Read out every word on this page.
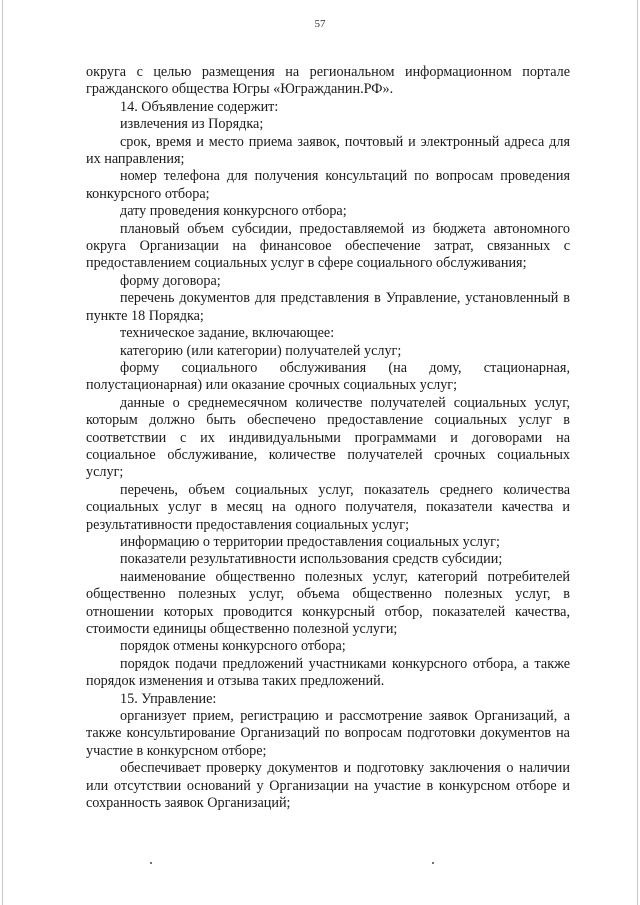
57

округа с целью размещения на региональном информационном портале гражданского общества Югры «Югражданин.РФ».

14. Объявление содержит:

извлечения из Порядка;

срок, время и место приема заявок, почтовый и электронный адреса для их направления;

номер телефона для получения консультаций по вопросам проведения конкурсного отбора;

дату проведения конкурсного отбора;

плановый объем субсидии, предоставляемой из бюджета автономного округа Организации на финансовое обеспечение затрат, связанных с предоставлением социальных услуг в сфере социального обслуживания;

форму договора;

перечень документов для представления в Управление, установленный в пункте 18 Порядка;

техническое задание, включающее:

категорию (или категории) получателей услуг;

форму социального обслуживания (на дому, стационарная, полустационарная) или оказание срочных социальных услуг;

данные о среднемесячном количестве получателей социальных услуг, которым должно быть обеспечено предоставление социальных услуг в соответствии с их индивидуальными программами и договорами на социальное обслуживание, количестве получателей срочных социальных услуг;

перечень, объем социальных услуг, показатель среднего количества социальных услуг в месяц на одного получателя, показатели качества и результативности предоставления социальных услуг;

информацию о территории предоставления социальных услуг;

показатели результативности использования средств субсидии;

наименование общественно полезных услуг, категорий потребителей общественно полезных услуг, объема общественно полезных услуг, в отношении которых проводится конкурсный отбор, показателей качества, стоимости единицы общественно полезной услуги;

порядок отмены конкурсного отбора;

порядок подачи предложений участниками конкурсного отбора, а также порядок изменения и отзыва таких предложений.

15. Управление:

организует прием, регистрацию и рассмотрение заявок Организаций, а также консультирование Организаций по вопросам подготовки документов на участие в конкурсном отборе;

обеспечивает проверку документов и подготовку заключения о наличии или отсутствии оснований у Организации на участие в конкурсном отборе и сохранность заявок Организаций;
